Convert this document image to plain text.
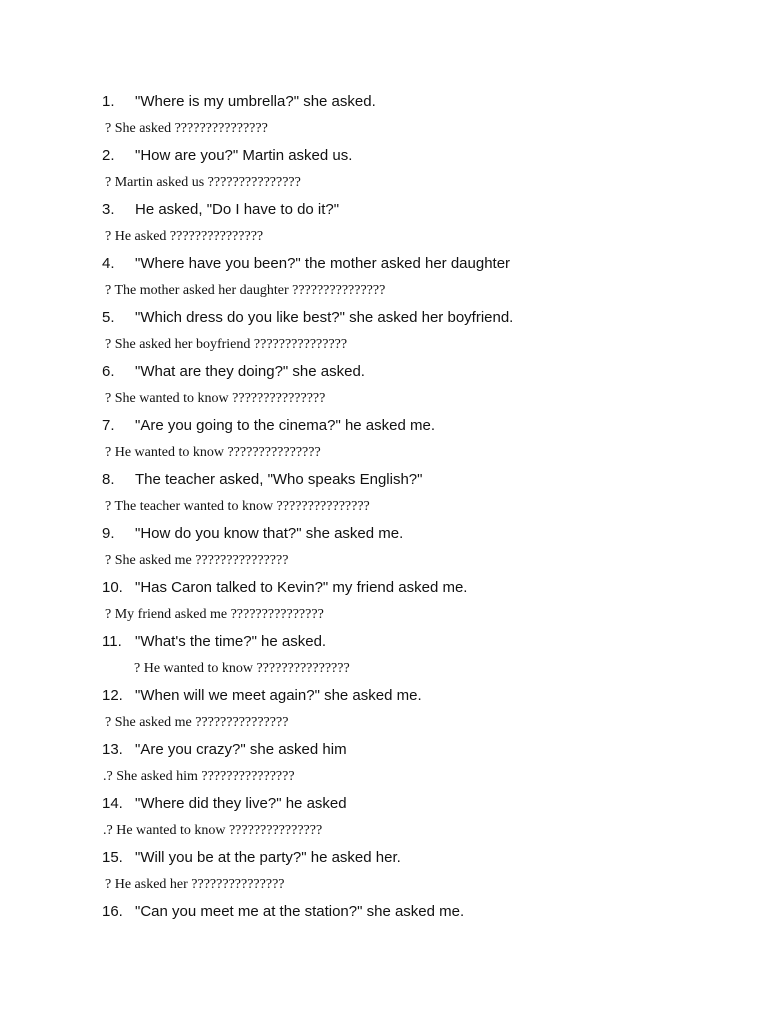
1. "Where is my umbrella?" she asked.
? She asked ???????????????
2. "How are you?" Martin asked us.
? Martin asked us ???????????????
3. He asked, "Do I have to do it?"
? He asked ???????????????
4. "Where have you been?" the mother asked her daughter
? The mother asked her daughter ???????????????
5. "Which dress do you like best?" she asked her boyfriend.
? She asked her boyfriend ???????????????
6. "What are they doing?" she asked.
? She wanted to know ???????????????
7. "Are you going to the cinema?" he asked me.
? He wanted to know ???????????????
8. The teacher asked, "Who speaks English?"
? The teacher wanted to know ???????????????
9. "How do you know that?" she asked me.
? She asked me ???????????????
10. "Has Caron talked to Kevin?" my friend asked me.
? My friend asked me ???????????????
11. "What's the time?" he asked.
? He wanted to know ???????????????
12. "When will we meet again?" she asked me.
? She asked me ???????????????
13. "Are you crazy?" she asked him
.? She asked him ???????????????
14. "Where did they live?" he asked
.? He wanted to know ???????????????
15. "Will you be at the party?" he asked her.
? He asked her ???????????????
16. "Can you meet me at the station?" she asked me.
